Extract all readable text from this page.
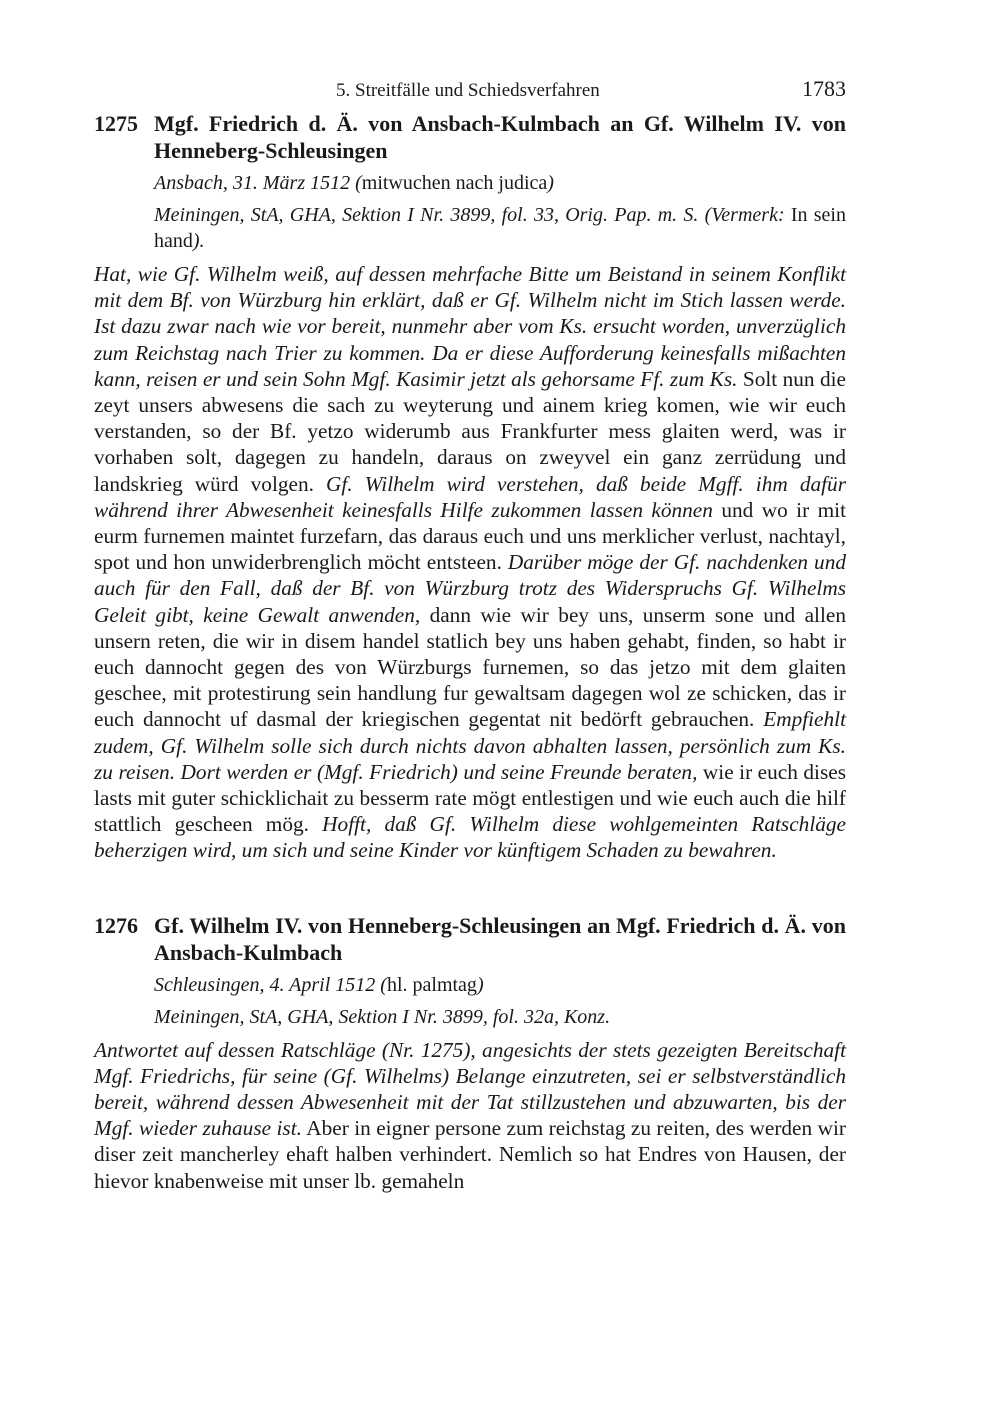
5. Streitfälle und Schiedsverfahren	1783
1275 Mgf. Friedrich d. Ä. von Ansbach-Kulmbach an Gf. Wilhelm IV. von Henneberg-Schleusingen
Ansbach, 31. März 1512 (mitwuchen nach judica)
Meiningen, StA, GHA, Sektion I Nr. 3899, fol. 33, Orig. Pap. m. S. (Vermerk: In sein hand).
Hat, wie Gf. Wilhelm weiß, auf dessen mehrfache Bitte um Beistand in seinem Konflikt mit dem Bf. von Würzburg hin erklärt, daß er Gf. Wilhelm nicht im Stich lassen werde. Ist dazu zwar nach wie vor bereit, nunmehr aber vom Ks. ersucht worden, unverzüglich zum Reichstag nach Trier zu kommen. Da er diese Aufforderung keinesfalls mißachten kann, reisen er und sein Sohn Mgf. Kasimir jetzt als gehorsame Ff. zum Ks. Solt nun die zeyt unsers abwesens die sach zu weyterung und ainem krieg komen, wie wir euch verstanden, so der Bf. yetzo widerumb aus Frankfurter mess glaiten werd, was ir vorhaben solt, dagegen zu handeln, daraus on zweyvel ein ganz zerrüdung und landskrieg würd volgen. Gf. Wilhelm wird verstehen, daß beide Mgff. ihm dafür während ihrer Abwesenheit keinesfalls Hilfe zukommen lassen können und wo ir mit eurm furnemen maintet furzefarn, das daraus euch und uns merklicher verlust, nachtayl, spot und hon unwiderbrenglich möcht entsteen. Darüber möge der Gf. nachdenken und auch für den Fall, daß der Bf. von Würzburg trotz des Widerspruchs Gf. Wilhelms Geleit gibt, keine Gewalt anwenden, dann wie wir bey uns, unserm sone und allen unsern reten, die wir in disem handel statlich bey uns haben gehabt, finden, so habt ir euch dannocht gegen des von Würzburgs furnemen, so das jetzo mit dem glaiten geschee, mit protestirung sein handlung fur gewaltsam dagegen wol ze schicken, das ir euch dannocht uf dasmal der kriegischen gegentat nit bedörft gebrauchen. Empfiehlt zudem, Gf. Wilhelm solle sich durch nichts davon abhalten lassen, persönlich zum Ks. zu reisen. Dort werden er (Mgf. Friedrich) und seine Freunde beraten, wie ir euch dises lasts mit guter schicklichait zu besserm rate mögt entlestigen und wie euch auch die hilf stattlich gescheen mög. Hofft, daß Gf. Wilhelm diese wohlgemeinten Ratschläge beherzigen wird, um sich und seine Kinder vor künftigem Schaden zu bewahren.
1276 Gf. Wilhelm IV. von Henneberg-Schleusingen an Mgf. Friedrich d. Ä. von Ansbach-Kulmbach
Schleusingen, 4. April 1512 (hl. palmtag)
Meiningen, StA, GHA, Sektion I Nr. 3899, fol. 32a, Konz.
Antwortet auf dessen Ratschläge (Nr. 1275), angesichts der stets gezeigten Bereitschaft Mgf. Friedrichs, für seine (Gf. Wilhelms) Belange einzutreten, sei er selbstverständlich bereit, während dessen Abwesenheit mit der Tat stillzustehen und abzuwarten, bis der Mgf. wieder zuhause ist. Aber in eigner persone zum reichstag zu reiten, des werden wir diser zeit mancherley ehaft halben verhindert. Nemlich so hat Endres von Hausen, der hievor knabenweise mit unser lb. gemaheln
